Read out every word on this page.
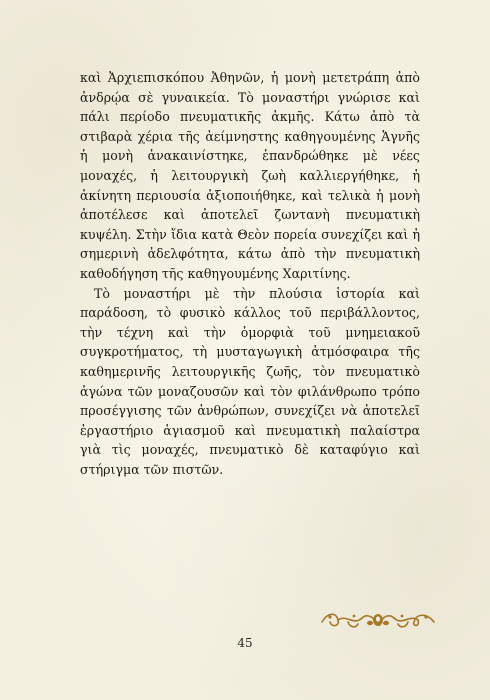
καὶ Ἀρχιεπισκόπου Ἀθηνῶν, ἡ μονὴ μετετράπη ἀπὸ ἀνδρῴα σὲ γυναικεία. Τὸ μοναστήρι γνώρισε καὶ πάλι περίοδο πνευματικῆς ἀκμῆς. Κάτω ἀπὸ τὰ στιβαρὰ χέρια τῆς ἀείμνηστης καθηγουμένης Ἁγνῆς ἡ μονὴ ἀνακαινίστηκε, ἐπανδρώθηκε μὲ νέες μοναχές, ἡ λειτουργικὴ ζωὴ καλλιεργήθηκε, ἡ ἀκίνητη περιουσία ἀξιοποιήθηκε, καὶ τελικὰ ἡ μονὴ ἀποτέλεσε καὶ ἀποτελεῖ ζωντανὴ πνευματικὴ κυψέλη. Στὴν ἴδια κατὰ Θεὸν πορεία συνεχίζει καὶ ἡ σημερινὴ ἀδελφότητα, κάτω ἀπὸ τὴν πνευματικὴ καθοδήγηση τῆς καθηγουμένης Χαριτίνης.

Τὸ μοναστήρι μὲ τὴν πλούσια ἱστορία καὶ παράδοση, τὸ φυσικὸ κάλλος τοῦ περιβάλλοντος, τὴν τέχνη καὶ τὴν ὀμορφιὰ τοῦ μνημειακοῦ συγκροτήματος, τὴ μυσταγωγικὴ ἀτμόσφαιρα τῆς καθημερινῆς λειτουργικῆς ζωῆς, τὸν πνευματικὸ ἀγώνα τῶν μοναζουσῶν καὶ τὸν φιλάνθρωπο τρόπο προσέγγισης τῶν ἀνθρώπων, συνεχίζει νὰ ἀποτελεῖ ἐργαστήριο ἁγιασμοῦ καὶ πνευματικὴ παλαίστρα γιὰ τὶς μοναχές, πνευματικὸ δὲ καταφύγιο καὶ στήριγμα τῶν πιστῶν.

45
